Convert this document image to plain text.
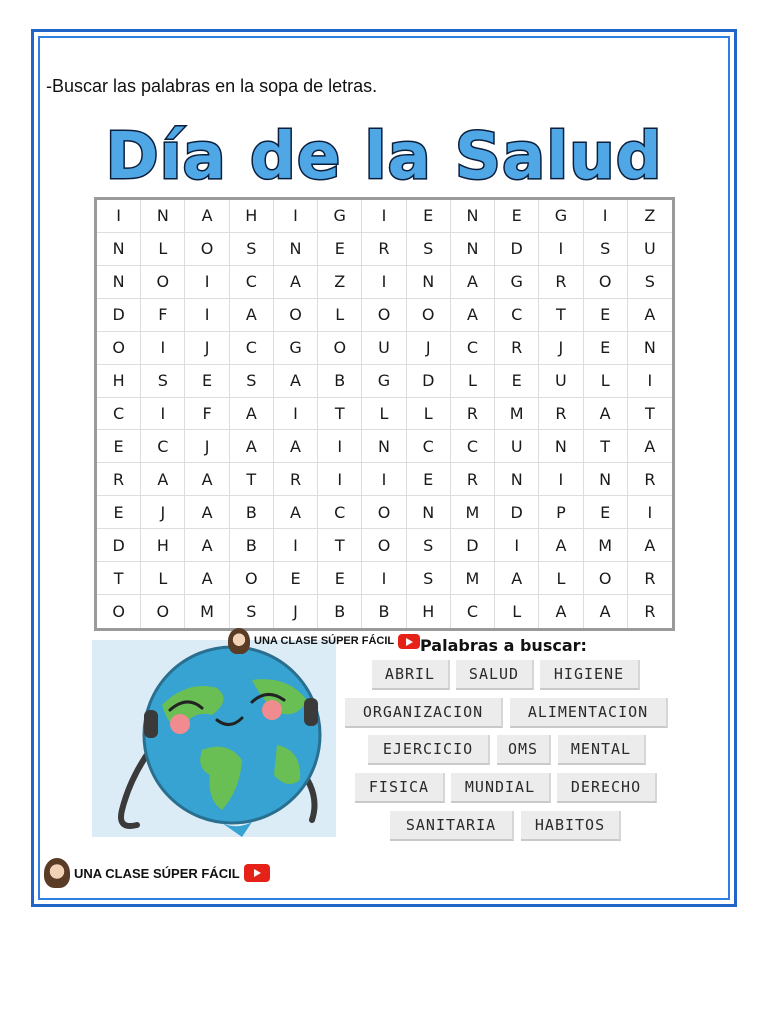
-Buscar las palabras en la sopa de letras.
Día de la Salud
I	N	A	H	I	G	I	E	N	E	G	I	Z
N	L	O	S	N	E	R	S	N	D	I	S	U
N	O	I	C	A	Z	I	N	A	G	R	O	S
D	F	I	A	O	L	O	O	A	C	T	E	A
O	I	J	C	G	O	U	J	C	R	J	E	N
H	S	E	S	A	B	G	D	L	E	U	L	I
C	I	F	A	I	T	L	L	R	M	R	A	T
E	C	J	A	A	I	N	C	C	U	N	T	A
R	A	A	T	R	I	I	E	R	N	I	N	R
E	J	A	B	A	C	O	N	M	D	P	E	I
D	H	A	B	I	T	O	S	D	I	A	M	A
T	L	A	O	E	E	I	S	M	A	L	O	R
O	O	M	S	J	B	B	H	C	L	A	A	R
UNA CLASE SÚPER FÁCIL Palabras a buscar:
ABRIL	SALUD	HIGIENE
ORGANIZACION	ALIMENTACION
EJERCICIO	OMS	MENTAL
FISICA	MUNDIAL	DERECHO
SANITARIA	HABITOS
UNA CLASE SÚPER FÁCIL
